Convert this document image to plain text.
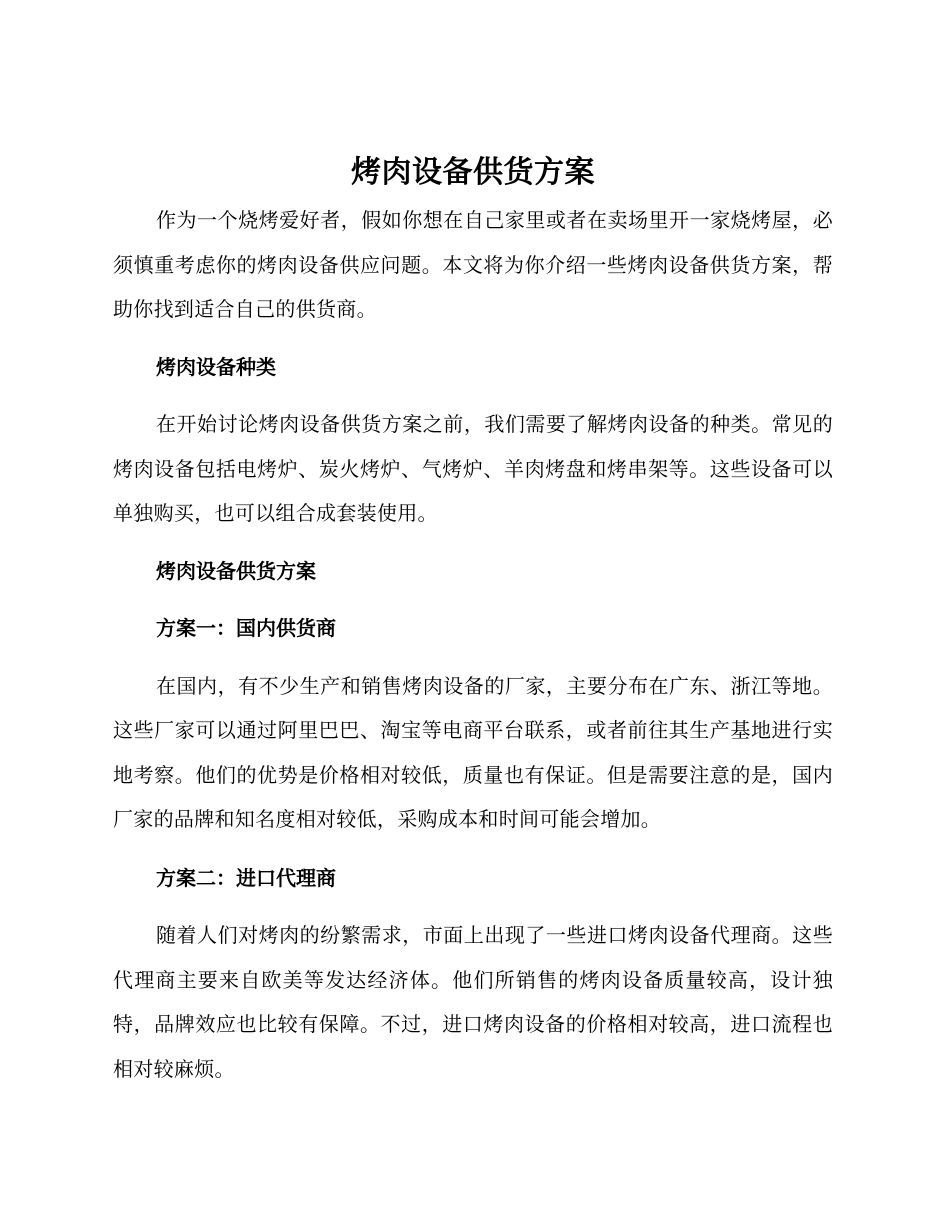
烤肉设备供货方案

作为一个烧烤爱好者，假如你想在自己家里或者在卖场里开一家烧烤屋，必须慎重考虑你的烤肉设备供应问题。本文将为你介绍一些烤肉设备供货方案，帮助你找到适合自己的供货商。

烤肉设备种类

在开始讨论烤肉设备供货方案之前，我们需要了解烤肉设备的种类。常见的烤肉设备包括电烤炉、炭火烤炉、气烤炉、羊肉烤盘和烤串架等。这些设备可以单独购买，也可以组合成套装使用。

烤肉设备供货方案

方案一：国内供货商

在国内，有不少生产和销售烤肉设备的厂家，主要分布在广东、浙江等地。这些厂家可以通过阿里巴巴、淘宝等电商平台联系，或者前往其生产基地进行实地考察。他们的优势是价格相对较低，质量也有保证。但是需要注意的是，国内厂家的品牌和知名度相对较低，采购成本和时间可能会增加。

方案二：进口代理商

随着人们对烤肉的纷繁需求，市面上出现了一些进口烤肉设备代理商。这些代理商主要来自欧美等发达经济体。他们所销售的烤肉设备质量较高，设计独特，品牌效应也比较有保障。不过，进口烤肉设备的价格相对较高，进口流程也相对较麻烦。
